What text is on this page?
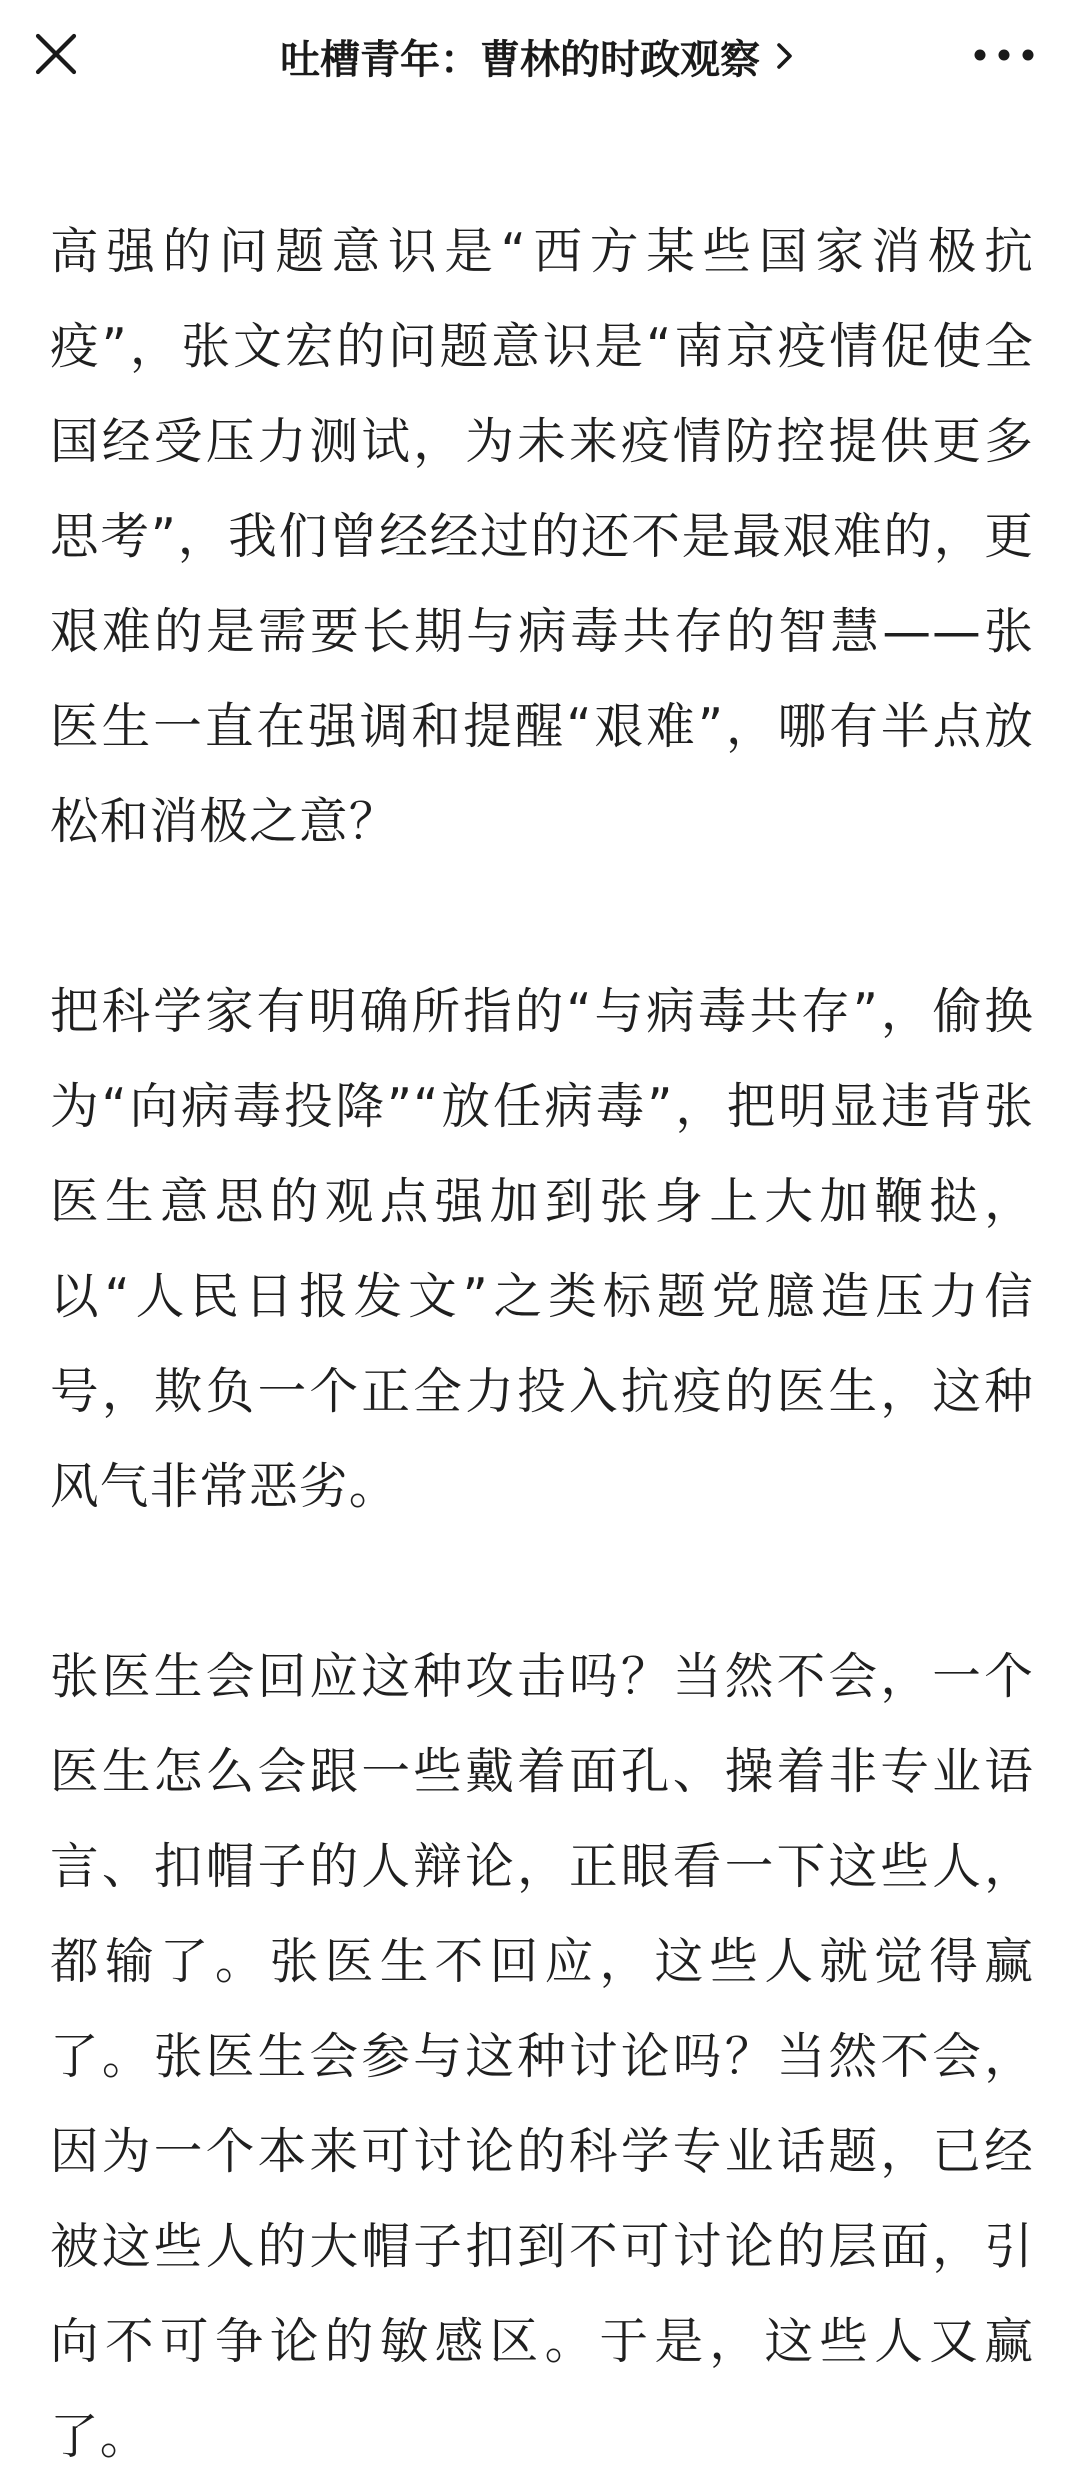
吐槽青年：曹林的时政观察

高强的问题意识是“西方某些国家消极抗疫”，张文宏的问题意识是“南京疫情促使全国经受压力测试，为未来疫情防控提供更多思考”，我们曾经经过的还不是最艰难的，更艰难的是需要长期与病毒共存的智慧——张医生一直在强调和提醒“艰难”，哪有半点放松和消极之意？

把科学家有明确所指的“与病毒共存”，偷换为“向病毒投降”“放任病毒”，把明显违背张医生意思的观点强加到张身上大加鞭挞，以“人民日报发文”之类标题党臆造压力信号，欺负一个正全力投入抗疫的医生，这种风气非常恶劣。

张医生会回应这种攻击吗？当然不会，一个医生怎么会跟一些戴着面孔、操着非专业语言、扣帽子的人辩论，正眼看一下这些人，都输了。张医生不回应，这些人就觉得赢了。张医生会参与这种讨论吗？当然不会，因为一个本来可讨论的科学专业话题，已经被这些人的大帽子扣到不可讨论的层面，引向不可争论的敏感区。于是，这些人又赢了。
